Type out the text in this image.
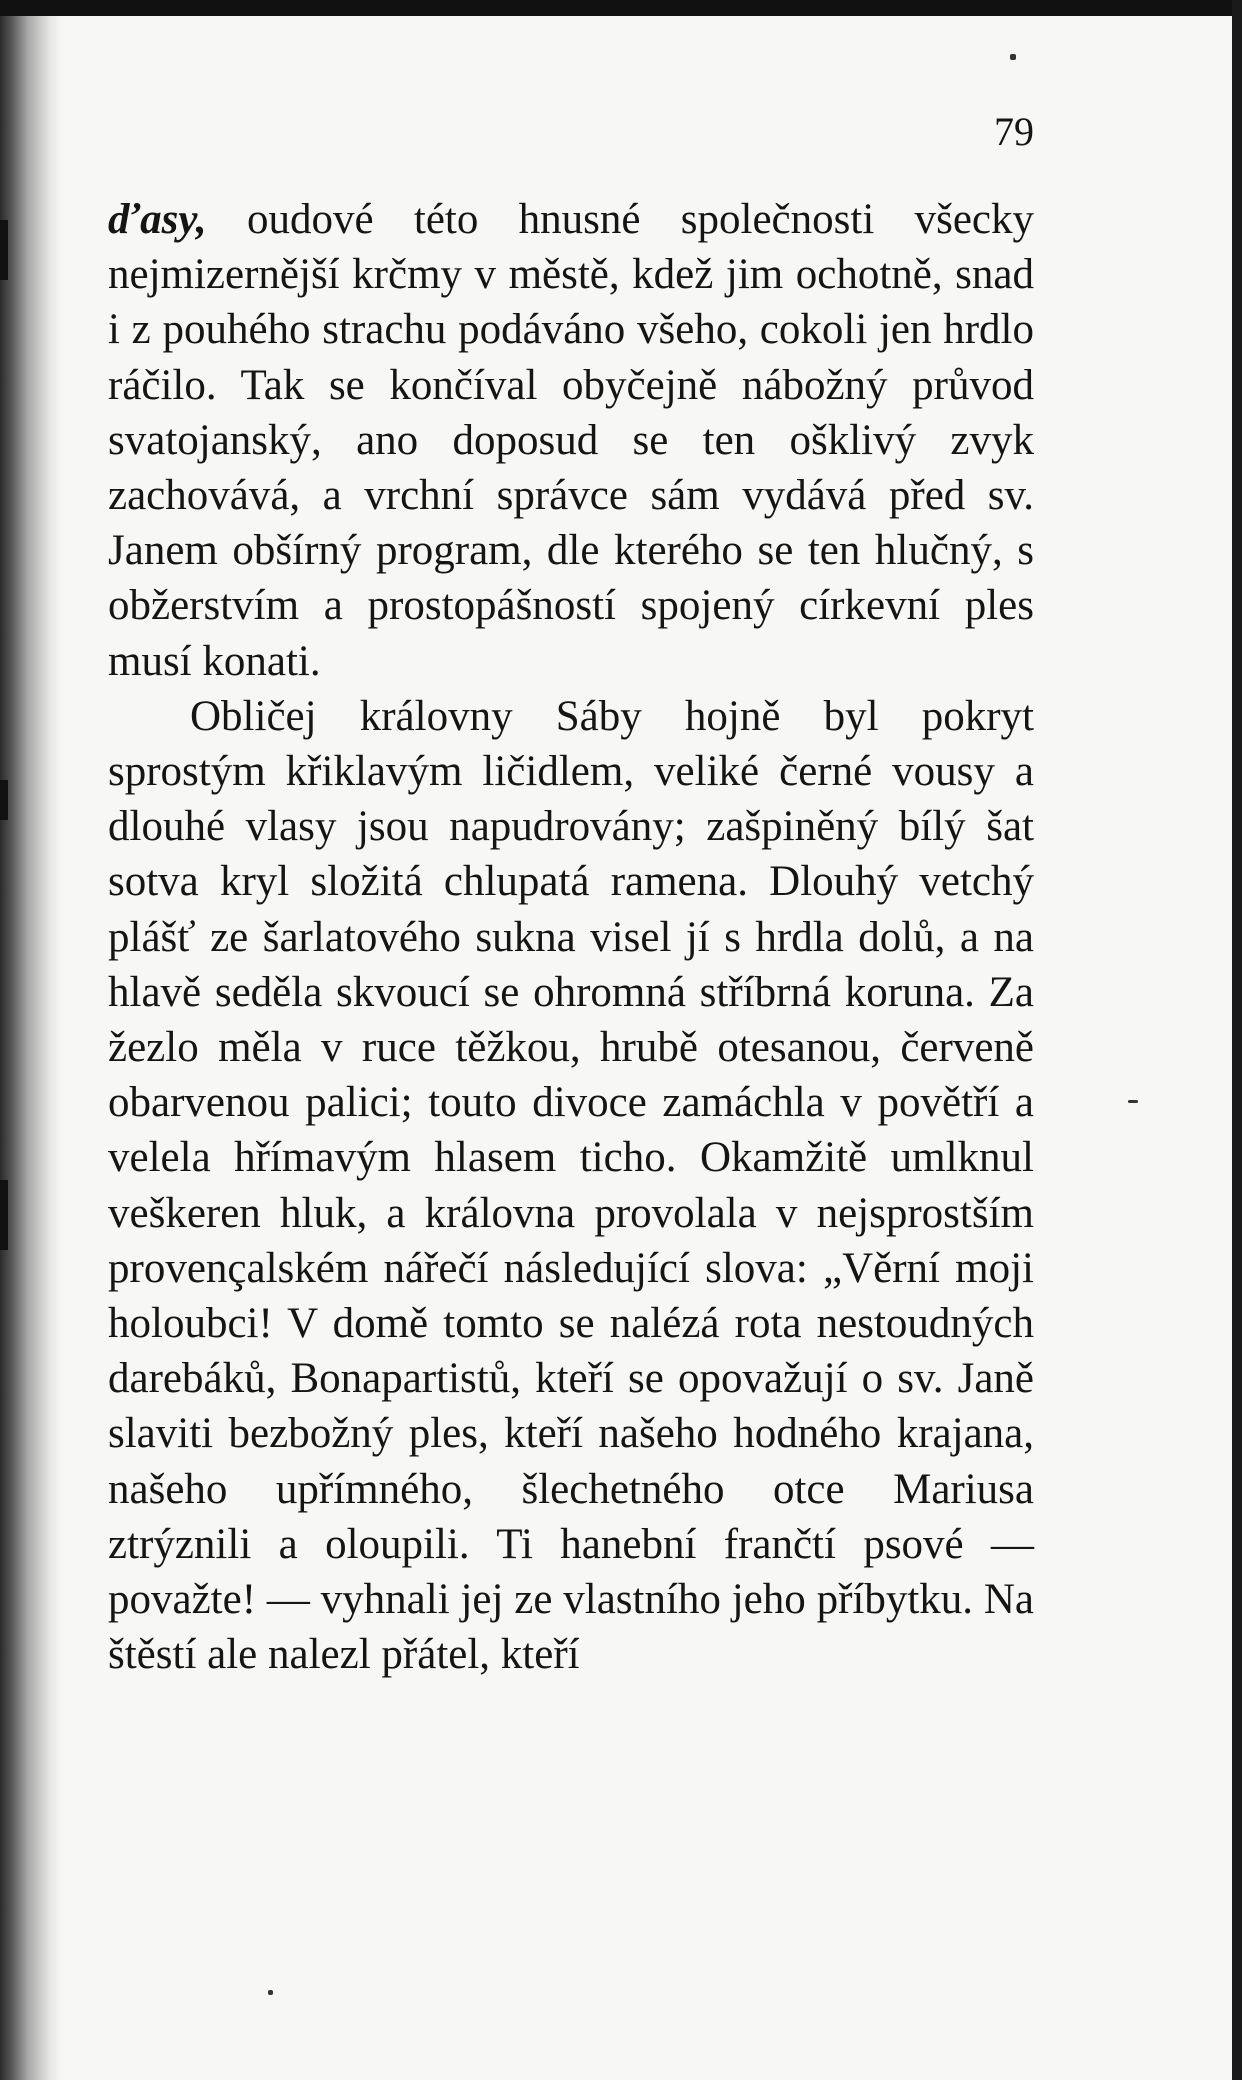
79

ďasy, oudové této hnusné společnosti všecky nejmizernější krčmy v městě, kdež jim ochotně, snad i z pouhého strachu podáváno všeho, cokoli jen hrdlo ráčilo. Tak se končíval obyčejně nábožný průvod svatojanský, ano doposud se ten ošklivý zvyk zachovává, a vrchní správce sám vydává před sv. Janem obšírný program, dle kterého se ten hlučný, s obžerstvím a prostopášností spojený církevní ples musí konati.

Obličej královny Sáby hojně byl pokryt sprostým křiklavým ličidlem, veliké černé vousy a dlouhé vlasy jsou napudrovány; zašpiněný bílý šat sotva kryl složitá chlupatá ramena. Dlouhý vetchý plášť ze šarlatového sukna visel jí s hrdla dolů, a na hlavě seděla skvoucí se ohromná stříbrná koruna. Za žezlo měla v ruce těžkou, hrubě otesanou, červeně obarvenou palici; touto divoce zamáchla v povětří a velela hřímavým hlasem ticho. Okamžitě umlknul veškeren hluk, a královna provolala v nejsprostším provençalském nářečí následující slova: „Věrní moji holoubci! V domě tomto se nalézá rota nestoudných darebáků, Bonapartistů, kteří se opovažují o sv. Janě slaviti bezbožný ples, kteří našeho hodného krajana, našeho upřímného, šlechetného otce Mariusa ztrýznili a oloupili. Ti hanební frančtí psové — považte! — vyhnali jej ze vlastního jeho příbytku. Na štěstí ale nalezl přátel, kteří
